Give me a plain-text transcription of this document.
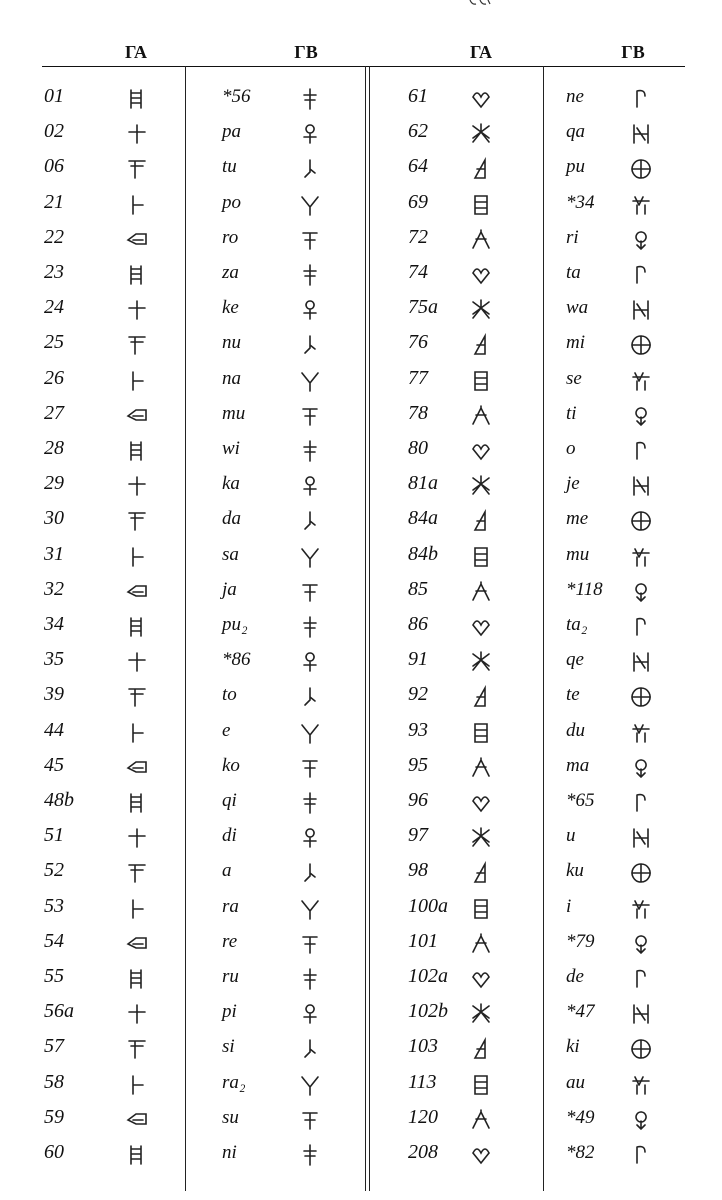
ΓΑ	ΓΒ	ΓΑ	ΓΒ
01	*56	61	ne
02	pa	62	qa
06	tu	64	pu
21	po	69	*34
22	ro	72	ri
23	za	74	ta
24	ke	75a	wa
25	nu	76	mi
26	na	77	se
27	mu	78	ti
28	wi	80	o
29	ka	81a	je
30	da	84a	me
31	sa	84b	mu
32	ja	85	*118
34	pu₂	86	ta₂
35	*86	91	qe
39	to	92	te
44	e	93	du
45	ko	95	ma
48b	qi	96	*65
51	di	97	u
52	a	98	ku
53	ra	100a	i
54	re	101	*79
55	ru	102a	de
56a	pi	102b	*47
57	si	103	ki
58	ra₂	113	au
59	su	120	*49
60	ni	208	*82
